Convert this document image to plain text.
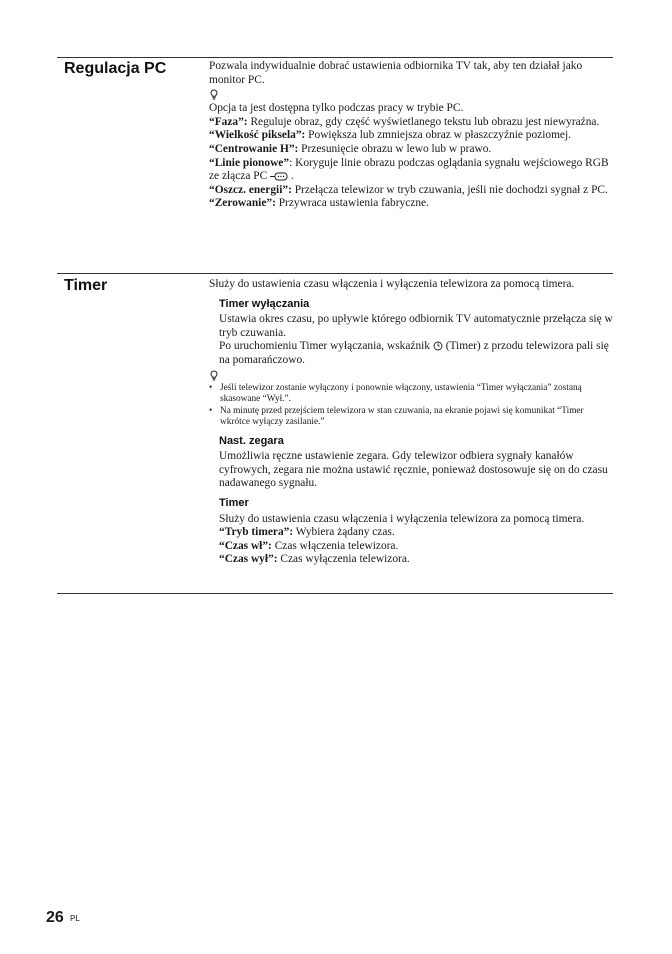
Regulacja PC	Pozwala indywidualnie dobrać ustawienia odbiornika TV tak, aby ten działał jako monitor PC.

Opcja ta jest dostępna tylko podczas pracy w trybie PC.

“Faza”: Reguluje obraz, gdy część wyświetlanego tekstu lub obrazu jest niewyraźna.

“Wielkość piksela”: Powiększa lub zmniejsza obraz w płaszczyźnie poziomej.

“Centrowanie H”: Przesunięcie obrazu w lewo lub w prawo.

“Linie pionowe”: Koryguje linie obrazu podczas oglądania sygnału wejściowego RGB ze złącza PC  .

“Oszcz. energii”: Przełącza telewizor w tryb czuwania, jeśli nie dochodzi sygnał z PC.

“Zerowanie”: Przywraca ustawienia fabryczne.

Timer	Służy do ustawienia czasu włączenia i wyłączenia telewizora za pomocą timera.

Timer wyłączania

Ustawia okres czasu, po upływie którego odbiornik TV automatycznie przełącza się w tryb czuwania.

Po uruchomieniu Timer wyłączania, wskaźnik  (Timer) z przodu telewizora pali się na pomarańczowo.

• Jeśli telewizor zostanie wyłączony i ponownie włączony, ustawienia “Timer wyłączania” zostaną skasowane “Wył.”.

• Na minutę przed przejściem telewizora w stan czuwania, na ekranie pojawi się komunikat “Timer wkrótce wyłączy zasilanie.”

Nast. zegara

Umożliwia ręczne ustawienie zegara. Gdy telewizor odbiera sygnały kanałów cyfrowych, zegara nie można ustawić ręcznie, ponieważ dostosowuje się on do czasu nadawanego sygnału.

Timer

Służy do ustawienia czasu włączenia i wyłączenia telewizora za pomocą timera.

“Tryb timera”: Wybiera żądany czas.

“Czas wł”: Czas włączenia telewizora.

“Czas wył”: Czas wyłączenia telewizora.

26 PL
